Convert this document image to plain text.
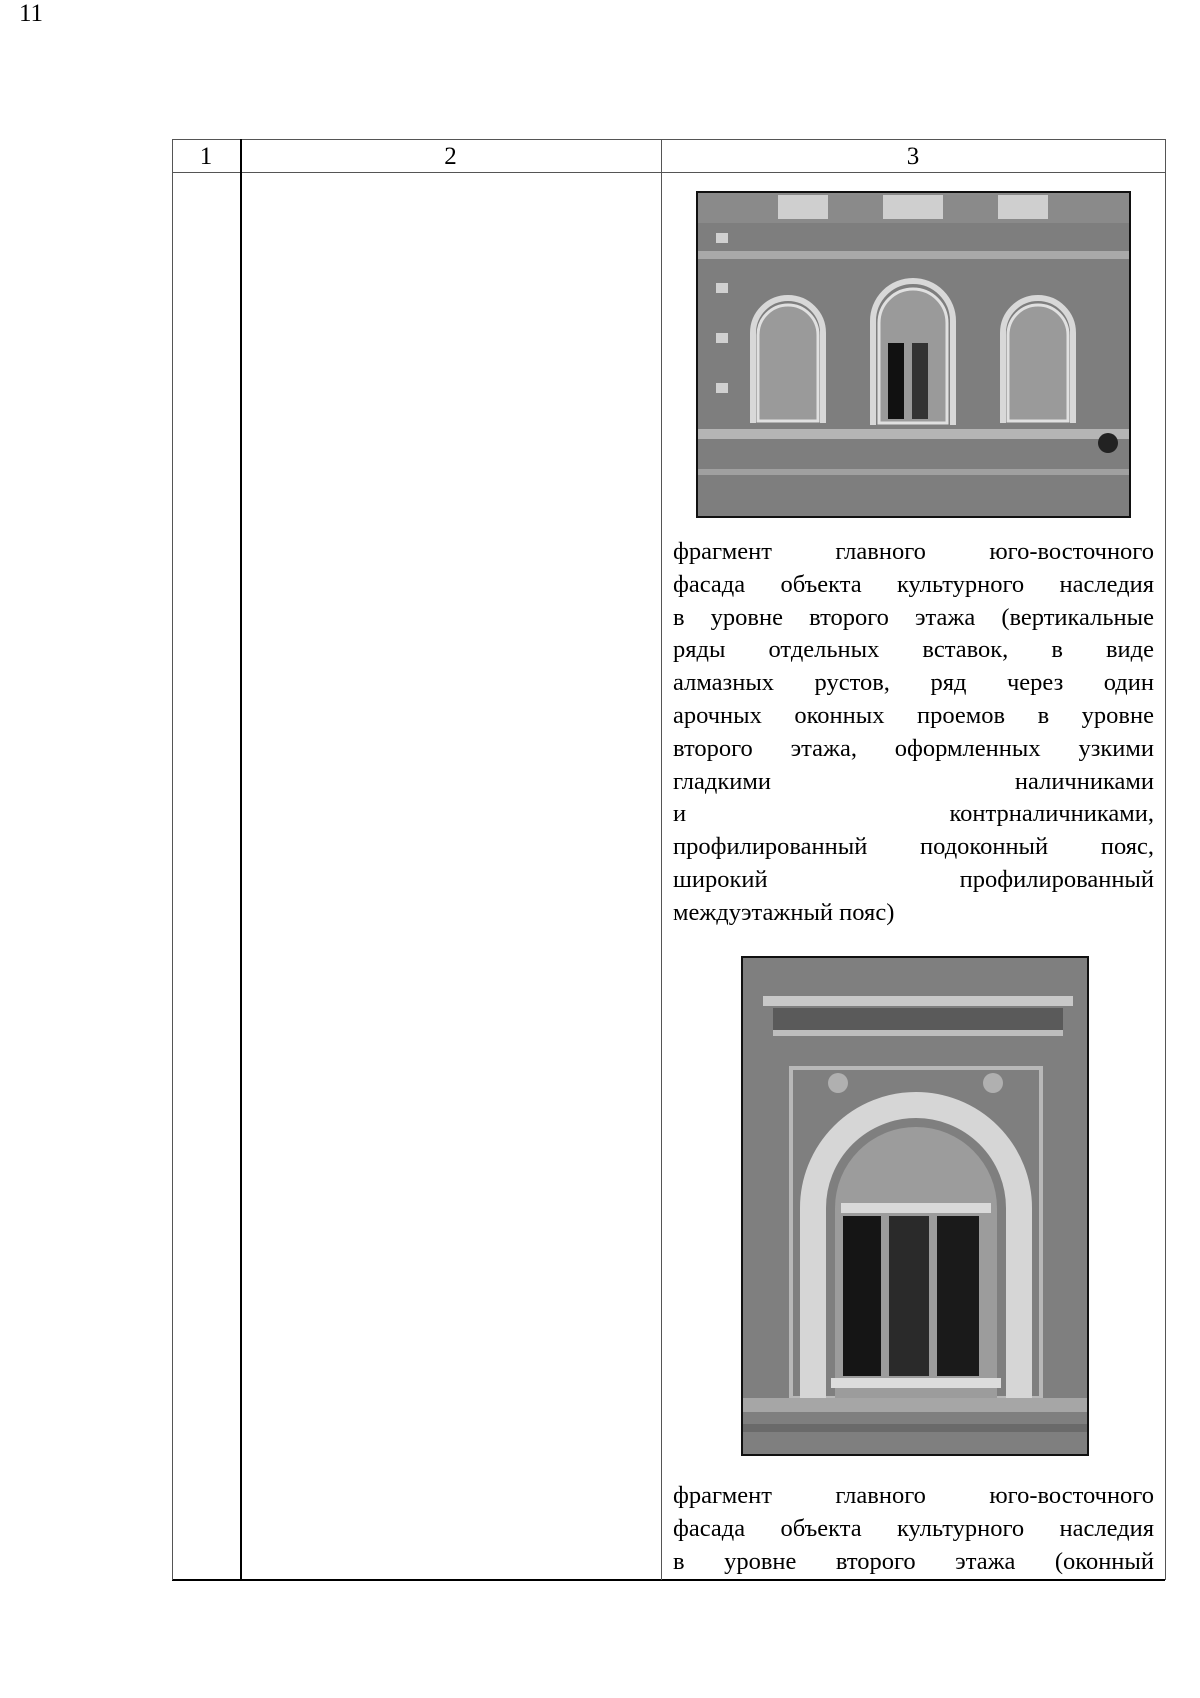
11
1	2	3
фрагмент главного юго-восточного
фасада объекта культурного наследия
в уровне второго этажа (вертикальные
ряды отдельных вставок, в виде
алмазных рустов, ряд через один
арочных оконных проемов в уровне
второго этажа, оформленных узкими
гладкими наличниками
и контрналичниками,
профилированный подоконный пояс,
широкий профилированный
междуэтажный пояс)
фрагмент главного юго-восточного
фасада объекта культурного наследия
в уровне второго этажа (оконный
